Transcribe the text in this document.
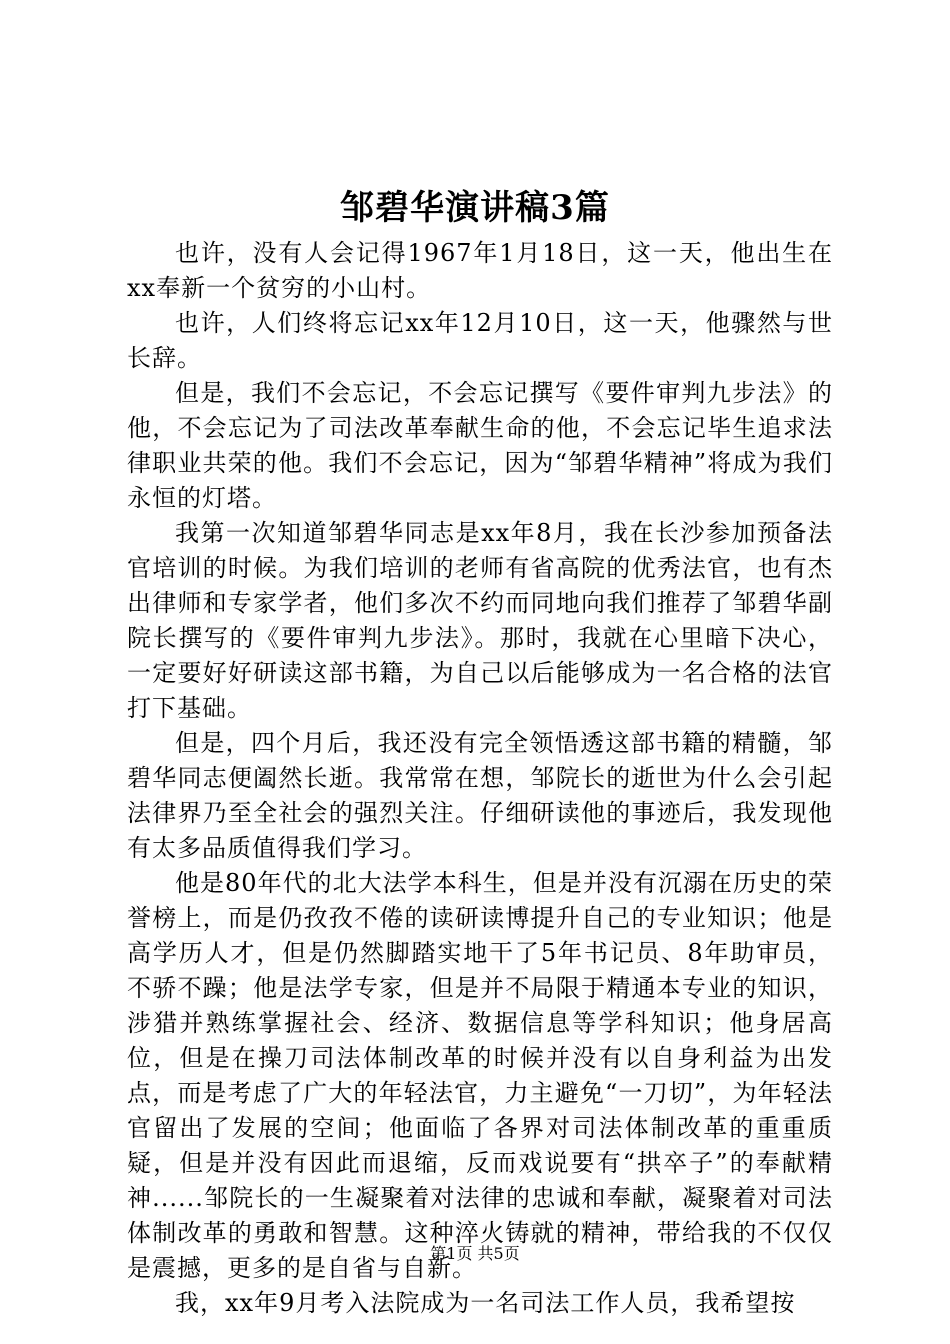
邹碧华演讲稿3篇

也许，没有人会记得1967年1月18日，这一天，他出生在xx奉新一个贫穷的小山村。

也许，人们终将忘记xx年12月10日，这一天，他骤然与世长辞。

但是，我们不会忘记，不会忘记撰写《要件审判九步法》的他，不会忘记为了司法改革奉献生命的他，不会忘记毕生追求法律职业共荣的他。我们不会忘记，因为“邹碧华精神”将成为我们永恒的灯塔。

我第一次知道邹碧华同志是xx年8月，我在长沙参加预备法官培训的时候。为我们培训的老师有省高院的优秀法官，也有杰出律师和专家学者，他们多次不约而同地向我们推荐了邹碧华副院长撰写的《要件审判九步法》。那时，我就在心里暗下决心，一定要好好研读这部书籍，为自己以后能够成为一名合格的法官打下基础。

但是，四个月后，我还没有完全领悟透这部书籍的精髓，邹碧华同志便阖然长逝。我常常在想，邹院长的逝世为什么会引起法律界乃至全社会的强烈关注。仔细研读他的事迹后，我发现他有太多品质值得我们学习。

他是80年代的北大法学本科生，但是并没有沉溺在历史的荣誉榜上，而是仍孜孜不倦的读研读博提升自己的专业知识；他是高学历人才，但是仍然脚踏实地干了5年书记员、8年助审员，不骄不躁；他是法学专家，但是并不局限于精通本专业的知识，涉猎并熟练掌握社会、经济、数据信息等学科知识；他身居高位，但是在操刀司法体制改革的时候并没有以自身利益为出发点，而是考虑了广大的年轻法官，力主避免“一刀切”，为年轻法官留出了发展的空间；他面临了各界对司法体制改革的重重质疑，但是并没有因此而退缩，反而戏说要有“拱卒子”的奉献精神......邹院长的一生凝聚着对法律的忠诚和奉献，凝聚着对司法体制改革的勇敢和智慧。这种淬火铸就的精神，带给我的不仅仅是震撼，更多的是自省与自新。

我，xx年9月考入法院成为一名司法工作人员，我希望按

第1页 共5页
